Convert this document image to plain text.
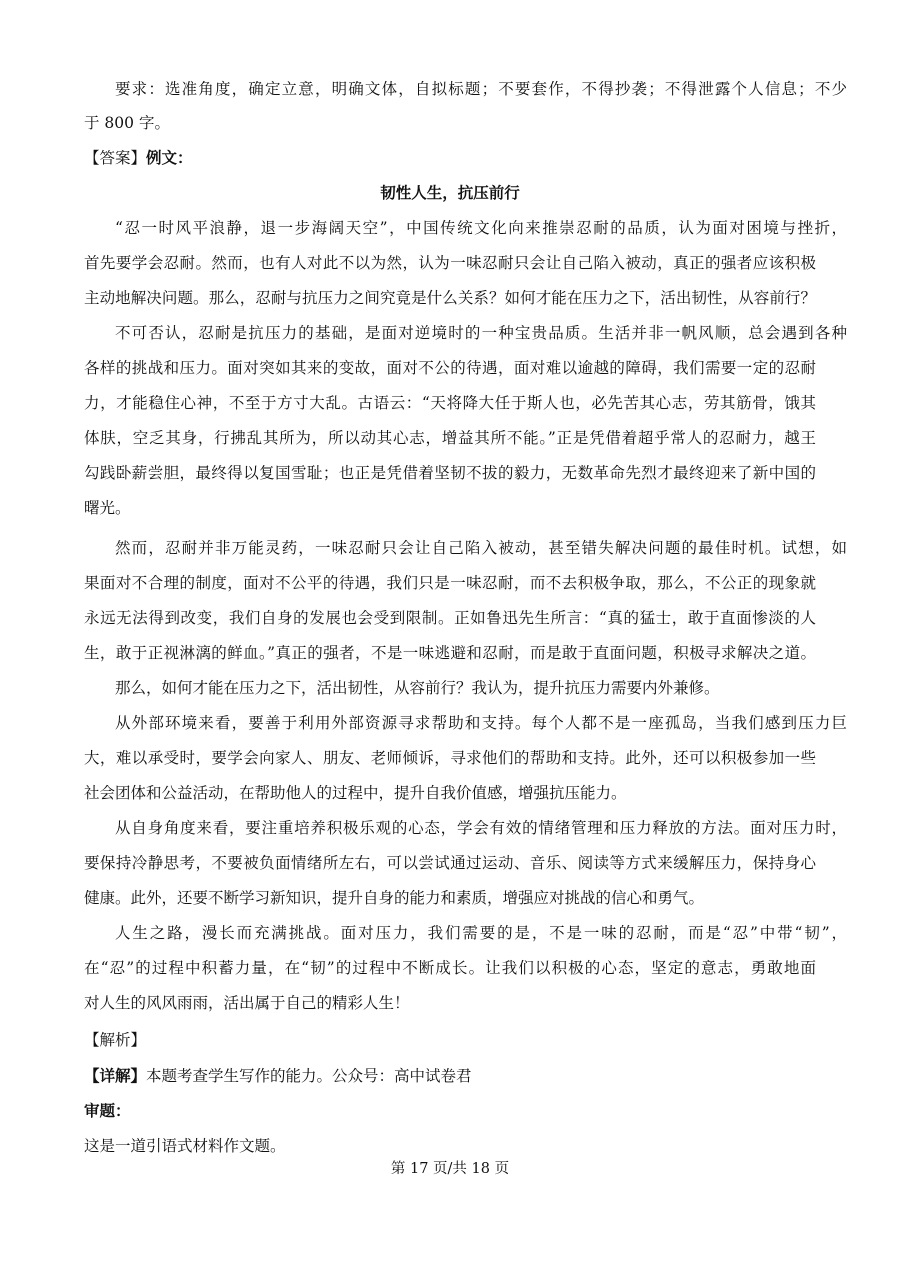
要求：选准角度，确定立意，明确文体，自拟标题；不要套作，不得抄袭；不得泄露个人信息；不少
于 800 字。
【答案】例文：
韧性人生，抗压前行
“忍一时风平浪静，退一步海阔天空”，中国传统文化向来推崇忍耐的品质，认为面对困境与挫折，
首先要学会忍耐。然而，也有人对此不以为然，认为一味忍耐只会让自己陷入被动，真正的强者应该积极
主动地解决问题。那么，忍耐与抗压力之间究竟是什么关系？如何才能在压力之下，活出韧性，从容前行？
不可否认，忍耐是抗压力的基础，是面对逆境时的一种宝贵品质。生活并非一帆风顺，总会遇到各种
各样的挑战和压力。面对突如其来的变故，面对不公的待遇，面对难以逾越的障碍，我们需要一定的忍耐
力，才能稳住心神，不至于方寸大乱。古语云：“天将降大任于斯人也，必先苦其心志，劳其筋骨，饿其
体肤，空乏其身，行拂乱其所为，所以动其心志，增益其所不能。”正是凭借着超乎常人的忍耐力，越王
勾践卧薪尝胆，最终得以复国雪耻；也正是凭借着坚韧不拔的毅力，无数革命先烈才最终迎来了新中国的
曙光。
然而，忍耐并非万能灵药，一味忍耐只会让自己陷入被动，甚至错失解决问题的最佳时机。试想，如
果面对不合理的制度，面对不公平的待遇，我们只是一味忍耐，而不去积极争取，那么，不公正的现象就
永远无法得到改变，我们自身的发展也会受到限制。正如鲁迅先生所言：“真的猛士，敢于直面惨淡的人
生，敢于正视淋漓的鲜血。”真正的强者，不是一味逃避和忍耐，而是敢于直面问题，积极寻求解决之道。
那么，如何才能在压力之下，活出韧性，从容前行？我认为，提升抗压力需要内外兼修。
从外部环境来看，要善于利用外部资源寻求帮助和支持。每个人都不是一座孤岛，当我们感到压力巨
大，难以承受时，要学会向家人、朋友、老师倾诉，寻求他们的帮助和支持。此外，还可以积极参加一些
社会团体和公益活动，在帮助他人的过程中，提升自我价值感，增强抗压能力。
从自身角度来看，要注重培养积极乐观的心态，学会有效的情绪管理和压力释放的方法。面对压力时，
要保持冷静思考，不要被负面情绪所左右，可以尝试通过运动、音乐、阅读等方式来缓解压力，保持身心
健康。此外，还要不断学习新知识，提升自身的能力和素质，增强应对挑战的信心和勇气。
人生之路，漫长而充满挑战。面对压力，我们需要的是，不是一味的忍耐，而是“忍”中带“韧”，
在“忍”的过程中积蓄力量，在“韧”的过程中不断成长。让我们以积极的心态，坚定的意志，勇敢地面
对人生的风风雨雨，活出属于自己的精彩人生！
【解析】
【详解】本题考查学生写作的能力。公众号：高中试卷君
审题：
这是一道引语式材料作文题。
第 17 页/共 18 页
